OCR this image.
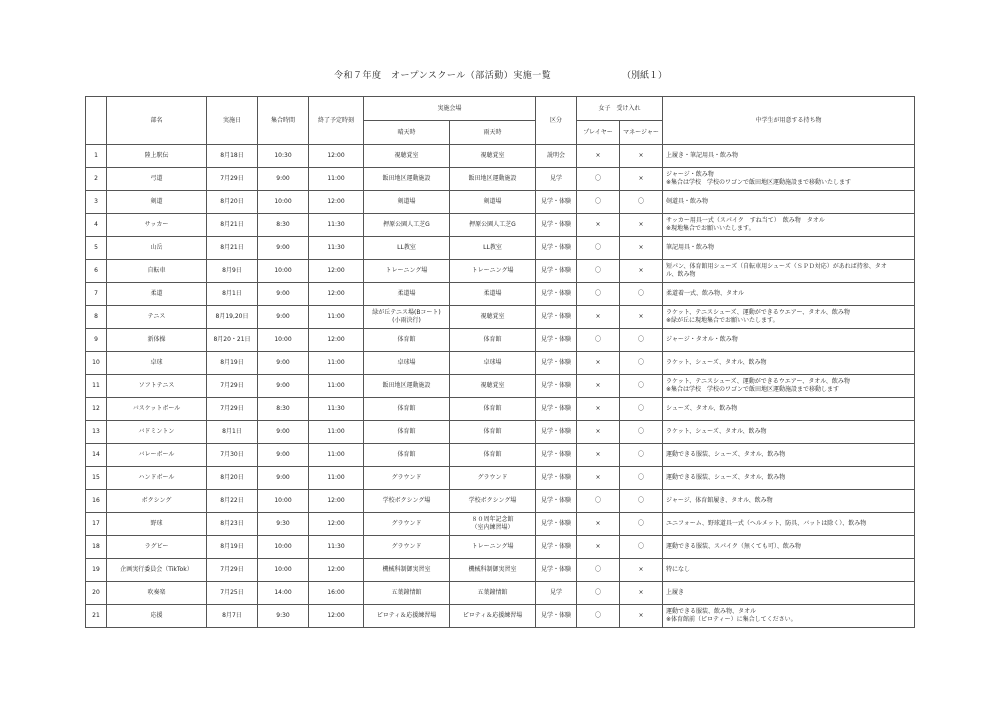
令和７年度　オープンスクール（部活動）実施一覧	（別紙１）
	部名	実施日	集合時間	終了予定時刻	実施会場		区分	女子　受け入れ		中学生が用意する持ち物
					晴天時	雨天時		プレイヤー	マネージャー	
1	陸上駅伝	8月18日	10:30	12:00	視聴覚室	視聴覚室	説明会	×	×	上履き・筆記用具・飲み物

2	弓道	7月29日	9:00	11:00	飯田地区運動施設	飯田地区運動施設	見学	〇	×	ジャージ・飲み物
※集合は学校　学校のワゴンで飯田地区運動施設まで移動いたします

3	剣道	8月20日	10:00	12:00	剣道場	剣道場	見学・体験	〇	〇	剣道具・飲み物

4	サッカー	8月21日	8:30	11:30	押原公園人工芝G	押原公園人工芝G	見学・体験	×	×	サッカー用具一式（スパイク　すね当て）　飲み物　タオル
※現地集合でお願いいたします。

5	山岳	8月21日	9:00	11:30	LL教室	LL教室	見学・体験	〇	×	筆記用具・飲み物

6	自転車	8月9日	10:00	12:00	トレーニング場	トレーニング場	見学・体験	〇	×	短パン、体育館用シューズ（自転車用シューズ（ＳＰＤ対応）があれば持参、タオ
ル、飲み物

7	柔道	8月1日	9:00	12:00	柔道場	柔道場	見学・体験	〇	〇	柔道着一式、飲み物、タオル

8	テニス	8月19,20日	9:00	11:00	緑が丘テニス場(Bコート)
(小雨決行)	視聴覚室	見学・体験	×	×	ラケット、テニスシューズ、運動ができるウエアー、タオル、飲み物
※緑が丘に現地集合でお願いいたします。

9	新体操	8月20・21日	10:00	12:00	体育館	体育館	見学・体験	〇	〇	ジャージ・タオル・飲み物

10	卓球	8月19日	9:00	11:00	卓球場	卓球場	見学・体験	×	〇	ラケット、シューズ、タオル、飲み物

11	ソフトテニス	7月29日	9:00	11:00	飯田地区運動施設	視聴覚室	見学・体験	×	〇	ラケット、テニスシューズ、運動ができるウエアー、タオル、飲み物
※集合は学校　学校のワゴンで飯田地区運動施設まで移動します

12	バスケットボール	7月29日	8:30	11:30	体育館	体育館	見学・体験	×	〇	シューズ、タオル、飲み物

13	バドミントン	8月1日	9:00	11:00	体育館	体育館	見学・体験	×	〇	ラケット、シューズ、タオル、飲み物

14	バレーボール	7月30日	9:00	11:00	体育館	体育館	見学・体験	×	〇	運動できる服装、シューズ、タオル、飲み物

15	ハンドボール	8月20日	9:00	11:00	グラウンド	グラウンド	見学・体験	×	〇	運動できる服装、シューズ、タオル、飲み物

16	ボクシング	8月22日	10:00	12:00	学校ボクシング場	学校ボクシング場	見学・体験	〇	〇	ジャージ、体育館履き、タオル、飲み物

17	野球	8月23日	9:30	12:00	グラウンド	８０周年記念館
（室内練習場）	見学・体験	×	〇	ユニフォーム、野球道具一式（ヘルメット、防具、バットは除く）、飲み物

18	ラグビー	8月19日	10:00	11:30	グラウンド	トレーニング場	見学・体験	×	〇	運動できる服装、スパイク（無くても可）、飲み物

19	企画実行委員会（TikTok）	7月29日	10:00	12:00	機械科制御実習室	機械科制御実習室	見学・体験	〇	×	特になし

20	吹奏楽	7月25日	14:00	16:00	五葉鐘情館	五葉鐘情館	見学	〇	×	上履き

21	応援	8月7日	9:30	12:00	ピロティ＆応援練習場	ピロティ＆応援練習場	見学・体験	〇	×	運動できる服装、飲み物、タオル
※体育館前（ピロティー）に集合してください。
